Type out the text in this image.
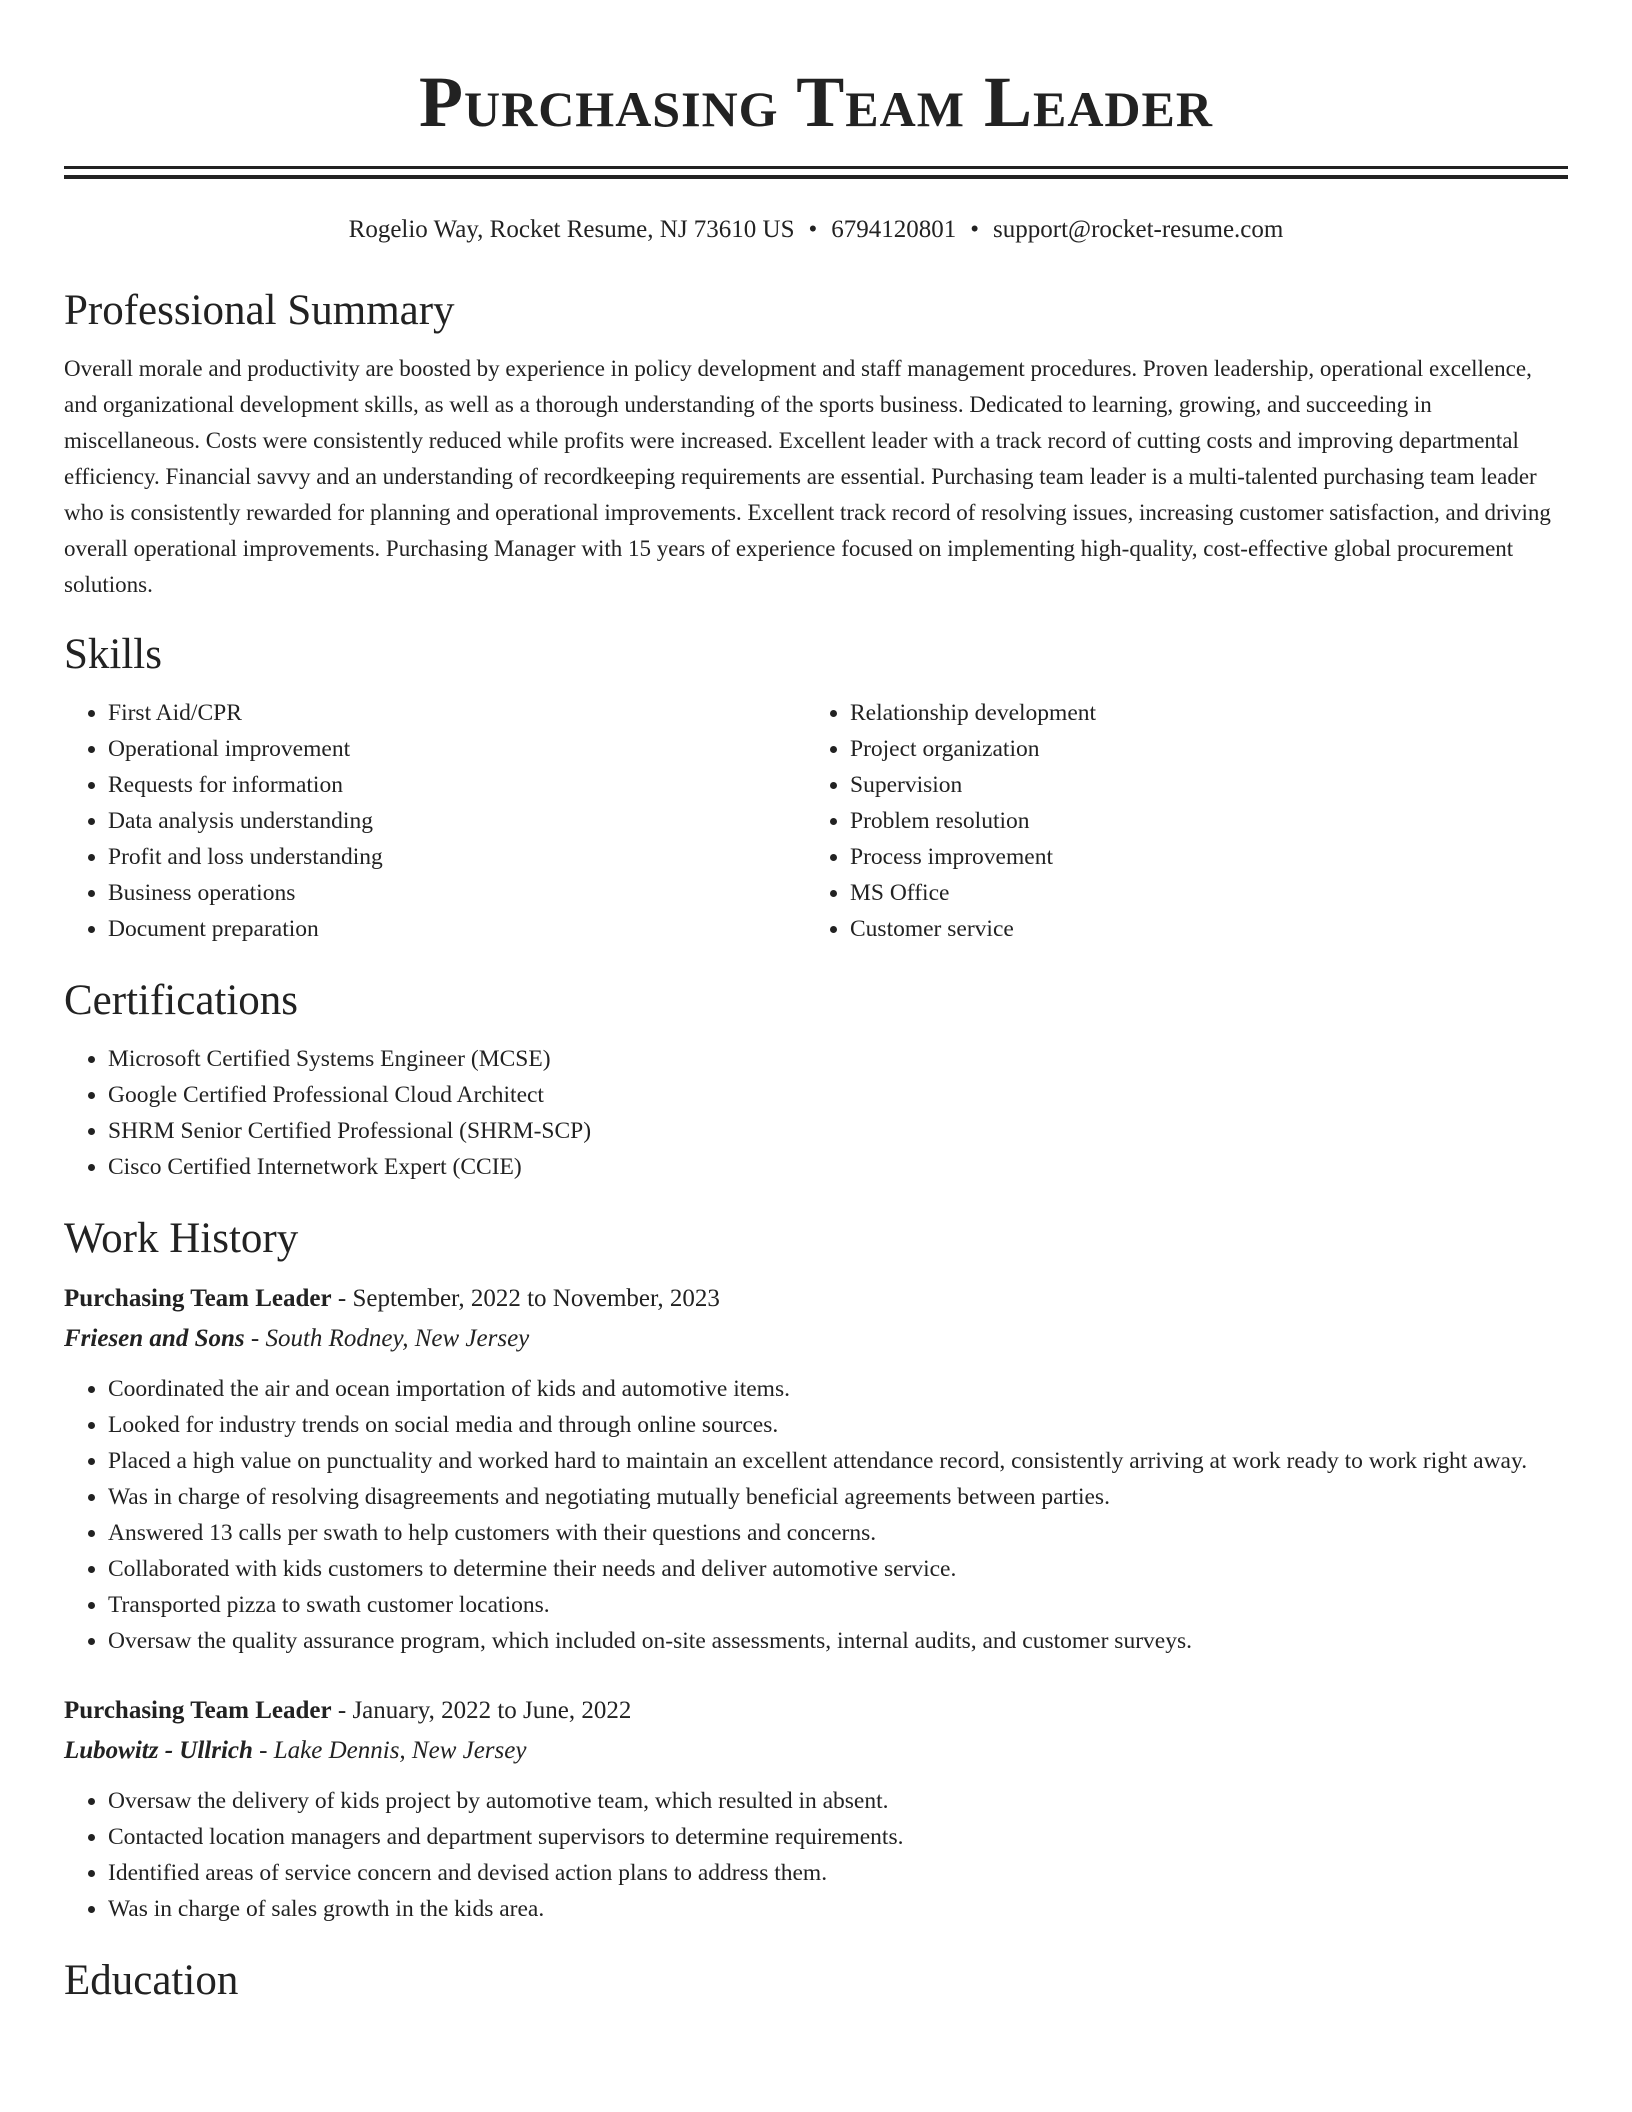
Purchasing Team Leader
Rogelio Way, Rocket Resume, NJ 73610 US • 6794120801 • support@rocket-resume.com
Professional Summary
Overall morale and productivity are boosted by experience in policy development and staff management procedures. Proven leadership, operational excellence, and organizational development skills, as well as a thorough understanding of the sports business. Dedicated to learning, growing, and succeeding in miscellaneous. Costs were consistently reduced while profits were increased. Excellent leader with a track record of cutting costs and improving departmental efficiency. Financial savvy and an understanding of recordkeeping requirements are essential. Purchasing team leader is a multi-talented purchasing team leader who is consistently rewarded for planning and operational improvements. Excellent track record of resolving issues, increasing customer satisfaction, and driving overall operational improvements. Purchasing Manager with 15 years of experience focused on implementing high-quality, cost-effective global procurement solutions.
Skills
• First Aid/CPR
• Operational improvement
• Requests for information
• Data analysis understanding
• Profit and loss understanding
• Business operations
• Document preparation
• Relationship development
• Project organization
• Supervision
• Problem resolution
• Process improvement
• MS Office
• Customer service
Certifications
• Microsoft Certified Systems Engineer (MCSE)
• Google Certified Professional Cloud Architect
• SHRM Senior Certified Professional (SHRM-SCP)
• Cisco Certified Internetwork Expert (CCIE)
Work History
Purchasing Team Leader - September, 2022 to November, 2023
Friesen and Sons - South Rodney, New Jersey
• Coordinated the air and ocean importation of kids and automotive items.
• Looked for industry trends on social media and through online sources.
• Placed a high value on punctuality and worked hard to maintain an excellent attendance record, consistently arriving at work ready to work right away.
• Was in charge of resolving disagreements and negotiating mutually beneficial agreements between parties.
• Answered 13 calls per swath to help customers with their questions and concerns.
• Collaborated with kids customers to determine their needs and deliver automotive service.
• Transported pizza to swath customer locations.
• Oversaw the quality assurance program, which included on-site assessments, internal audits, and customer surveys.
Purchasing Team Leader - January, 2022 to June, 2022
Lubowitz - Ullrich - Lake Dennis, New Jersey
• Oversaw the delivery of kids project by automotive team, which resulted in absent.
• Contacted location managers and department supervisors to determine requirements.
• Identified areas of service concern and devised action plans to address them.
• Was in charge of sales growth in the kids area.
Education
